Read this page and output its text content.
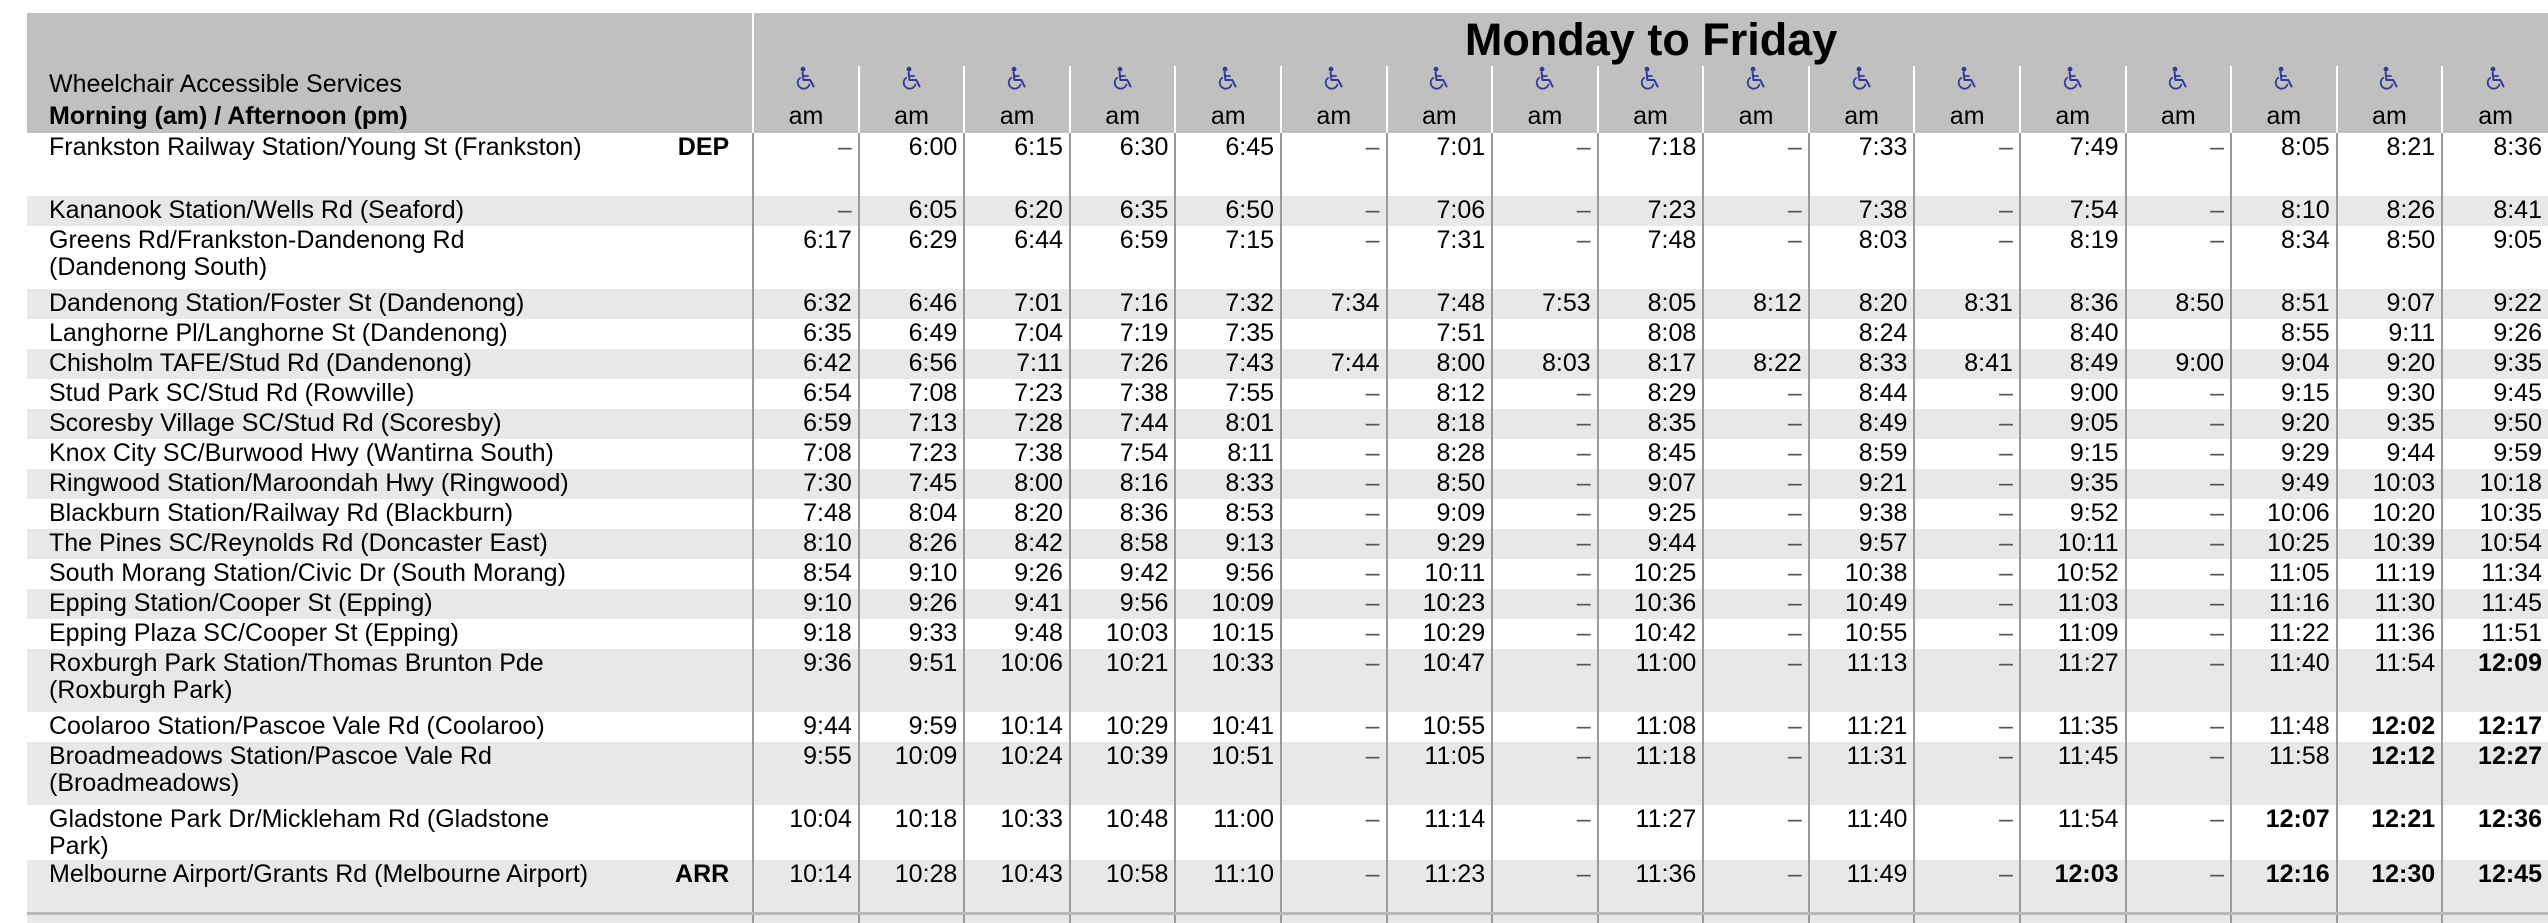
	Monday to Friday																
Wheelchair Accessible Services																	
Morning (am) / Afternoon (pm)	am	am	am	am	am	am	am	am	am	am	am	am	am	am	am	am	am

Frankston Railway Station/Young St (Frankston) DEP	–	6:00	6:15	6:30	6:45	–	7:01	–	7:18	–	7:33	–	7:49	–	8:05	8:21	8:36

Kananook Station/Wells Rd (Seaford)	–	6:05	6:20	6:35	6:50	–	7:06	–	7:23	–	7:38	–	7:54	–	8:10	8:26	8:41

Greens Rd/Frankston-Dandenong Rd (Dandenong South)	6:17	6:29	6:44	6:59	7:15	–	7:31	–	7:48	–	8:03	–	8:19	–	8:34	8:50	9:05

Dandenong Station/Foster St (Dandenong)	6:32	6:46	7:01	7:16	7:32	7:34	7:48	7:53	8:05	8:12	8:20	8:31	8:36	8:50	8:51	9:07	9:22

Langhorne Pl/Langhorne St (Dandenong)	6:35	6:49	7:04	7:19	7:35		7:51		8:08		8:24		8:40		8:55	9:11	9:26

Chisholm TAFE/Stud Rd (Dandenong)	6:42	6:56	7:11	7:26	7:43	7:44	8:00	8:03	8:17	8:22	8:33	8:41	8:49	9:00	9:04	9:20	9:35

Stud Park SC/Stud Rd (Rowville)	6:54	7:08	7:23	7:38	7:55	–	8:12	–	8:29	–	8:44	–	9:00	–	9:15	9:30	9:45

Scoresby Village SC/Stud Rd (Scoresby)	6:59	7:13	7:28	7:44	8:01	–	8:18	–	8:35	–	8:49	–	9:05	–	9:20	9:35	9:50

Knox City SC/Burwood Hwy (Wantirna South)	7:08	7:23	7:38	7:54	8:11	–	8:28	–	8:45	–	8:59	–	9:15	–	9:29	9:44	9:59

Ringwood Station/Maroondah Hwy (Ringwood)	7:30	7:45	8:00	8:16	8:33	–	8:50	–	9:07	–	9:21	–	9:35	–	9:49	10:03	10:18

Blackburn Station/Railway Rd (Blackburn)	7:48	8:04	8:20	8:36	8:53	–	9:09	–	9:25	–	9:38	–	9:52	–	10:06	10:20	10:35

The Pines SC/Reynolds Rd (Doncaster East)	8:10	8:26	8:42	8:58	9:13	–	9:29	–	9:44	–	9:57	–	10:11	–	10:25	10:39	10:54

South Morang Station/Civic Dr (South Morang)	8:54	9:10	9:26	9:42	9:56	–	10:11	–	10:25	–	10:38	–	10:52	–	11:05	11:19	11:34

Epping Station/Cooper St (Epping)	9:10	9:26	9:41	9:56	10:09	–	10:23	–	10:36	–	10:49	–	11:03	–	11:16	11:30	11:45

Epping Plaza SC/Cooper St (Epping)	9:18	9:33	9:48	10:03	10:15	–	10:29	–	10:42	–	10:55	–	11:09	–	11:22	11:36	11:51

Roxburgh Park Station/Thomas Brunton Pde (Roxburgh Park)	9:36	9:51	10:06	10:21	10:33	–	10:47	–	11:00	–	11:13	–	11:27	–	11:40	11:54	12:09

Coolaroo Station/Pascoe Vale Rd (Coolaroo)	9:44	9:59	10:14	10:29	10:41	–	10:55	–	11:08	–	11:21	–	11:35	–	11:48	12:02	12:17

Broadmeadows Station/Pascoe Vale Rd (Broadmeadows)	9:55	10:09	10:24	10:39	10:51	–	11:05	–	11:18	–	11:31	–	11:45	–	11:58	12:12	12:27

Gladstone Park Dr/Mickleham Rd (Gladstone Park)	10:04	10:18	10:33	10:48	11:00	–	11:14	–	11:27	–	11:40	–	11:54	–	12:07	12:21	12:36

Melbourne Airport/Grants Rd (Melbourne Airport) ARR	10:14	10:28	10:43	10:58	11:10	–	11:23	–	11:36	–	11:49	–	12:03	–	12:16	12:30	12:45
